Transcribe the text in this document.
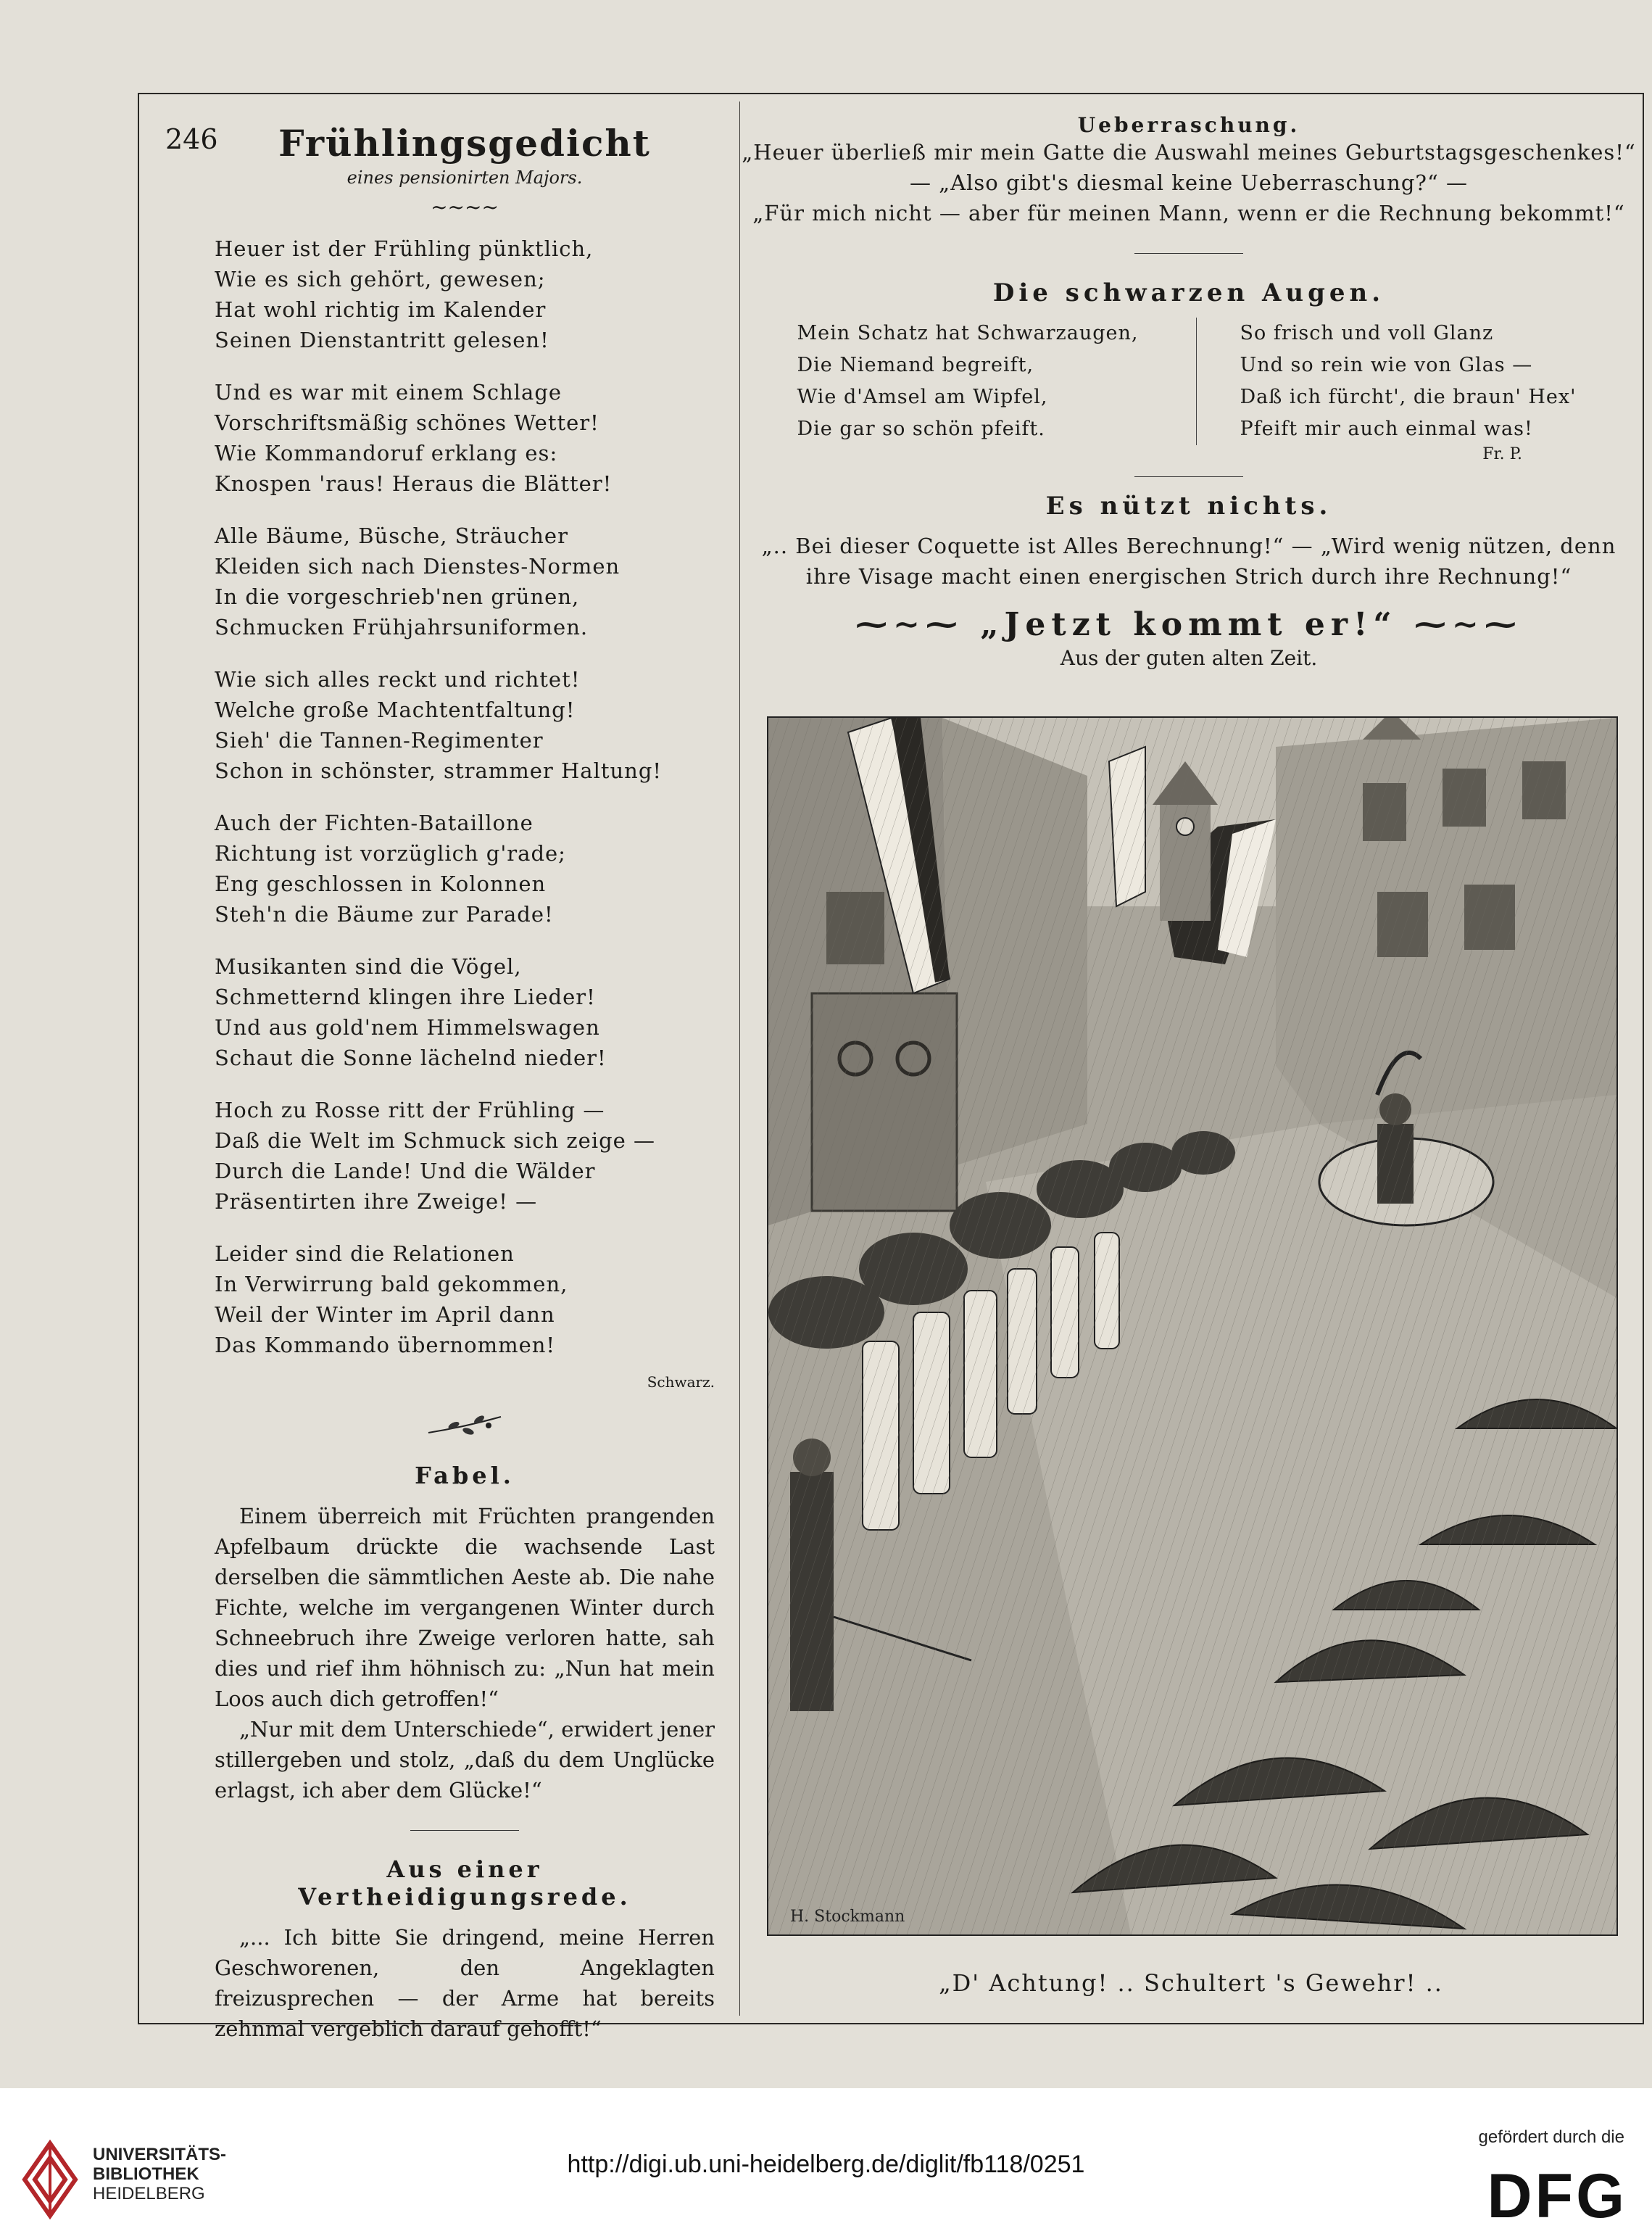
246	Frühlingsgedicht
eines pensionirten Majors.
~~~~
Heuer ist der Frühling pünktlich,
Wie es sich gehört, gewesen;
Hat wohl richtig im Kalender
Seinen Dienstantritt gelesen!
Und es war mit einem Schlage
Vorschriftsmäßig schönes Wetter!
Wie Kommandoruf erklang es:
Knospen 'raus! Heraus die Blätter!
Alle Bäume, Büsche, Sträucher
Kleiden sich nach Dienstes-Normen
In die vorgeschrieb'nen grünen,
Schmucken Frühjahrsuniformen.
Wie sich alles reckt und richtet!
Welche große Machtentfaltung!
Sieh' die Tannen-Regimenter
Schon in schönster, strammer Haltung!
Auch der Fichten-Bataillone
Richtung ist vorzüglich g'rade;
Eng geschlossen in Kolonnen
Steh'n die Bäume zur Parade!
Musikanten sind die Vögel,
Schmetternd klingen ihre Lieder!
Und aus gold'nem Himmelswagen
Schaut die Sonne lächelnd nieder!
Hoch zu Rosse ritt der Frühling —
Daß die Welt im Schmuck sich zeige —
Durch die Lande! Und die Wälder
Präsentirten ihre Zweige! —
Leider sind die Relationen
In Verwirrung bald gekommen,
Weil der Winter im April dann
Das Kommando übernommen!
Schwarz.
Fabel.
Einem überreich mit Früchten prangenden Apfelbaum drückte die wachsende Last derselben die sämmtlichen Aeste ab. Die nahe Fichte, welche im vergangenen Winter durch Schneebruch ihre Zweige verloren hatte, sah dies und rief ihm höhnisch zu: „Nun hat mein Loos auch dich getroffen!“
„Nur mit dem Unterschiede“, erwidert jener stillergeben und stolz, „daß du dem Unglücke erlagst, ich aber dem Glücke!“
Aus einer Vertheidigungsrede.
„... Ich bitte Sie dringend, meine Herren Geschworenen, den Angeklagten freizusprechen — der Arme hat bereits zehnmal vergeblich darauf gehofft!“
Ueberraschung.
„Heuer überließ mir mein Gatte die Auswahl meines Geburtstagsgeschenkes!“ — „Also gibt's diesmal keine Ueberraschung?“ —
„Für mich nicht — aber für meinen Mann, wenn er die Rechnung bekommt!“
Die schwarzen Augen.
Mein Schatz hat Schwarzaugen,
Die Niemand begreift,
Wie d'Amsel am Wipfel,
Die gar so schön pfeift.
So frisch und voll Glanz
Und so rein wie von Glas —
Daß ich fürcht', die braun' Hex'
Pfeift mir auch einmal was!
Fr. P.
Es nützt nichts.
„.. Bei dieser Coquette ist Alles Berechnung!“ — „Wird wenig nützen, denn ihre Visage macht einen energischen Strich durch ihre Rechnung!“
⁓∼⁓ „Jetzt kommt er!“ ⁓∼⁓
Aus der guten alten Zeit.
H. Stockmann
„D' Achtung! .. Schultert 's Gewehr! ..
UNIVERSITÄTS-
BIBLIOTHEK
HEIDELBERG
http://digi.ub.uni-heidelberg.de/diglit/fb118/0251
gefördert durch die
DFG
